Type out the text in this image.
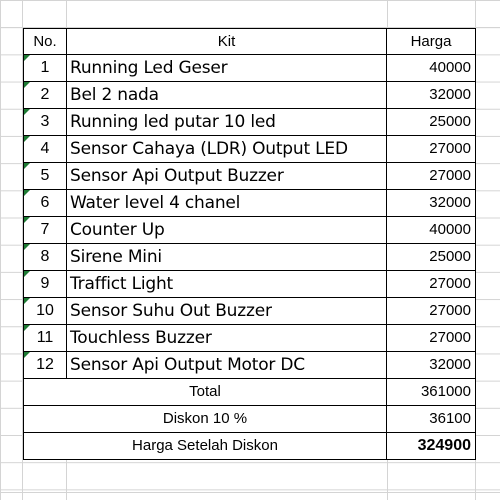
No.	Kit	Harga

1	Running Led Geser	40000

2	Bel 2 nada	32000

3	Running led putar 10 led	25000

4	Sensor Cahaya (LDR) Output LED	27000

5	Sensor Api Output Buzzer	27000

6	Water level 4 chanel	32000

7	Counter Up	40000

8	Sirene Mini	25000

9	Traffict Light	27000

10	Sensor Suhu Out Buzzer	27000

11	Touchless Buzzer	27000

12	Sensor Api Output Motor DC	32000
Total		361000
Diskon 10 %		36100
Harga Setelah Diskon		324900
